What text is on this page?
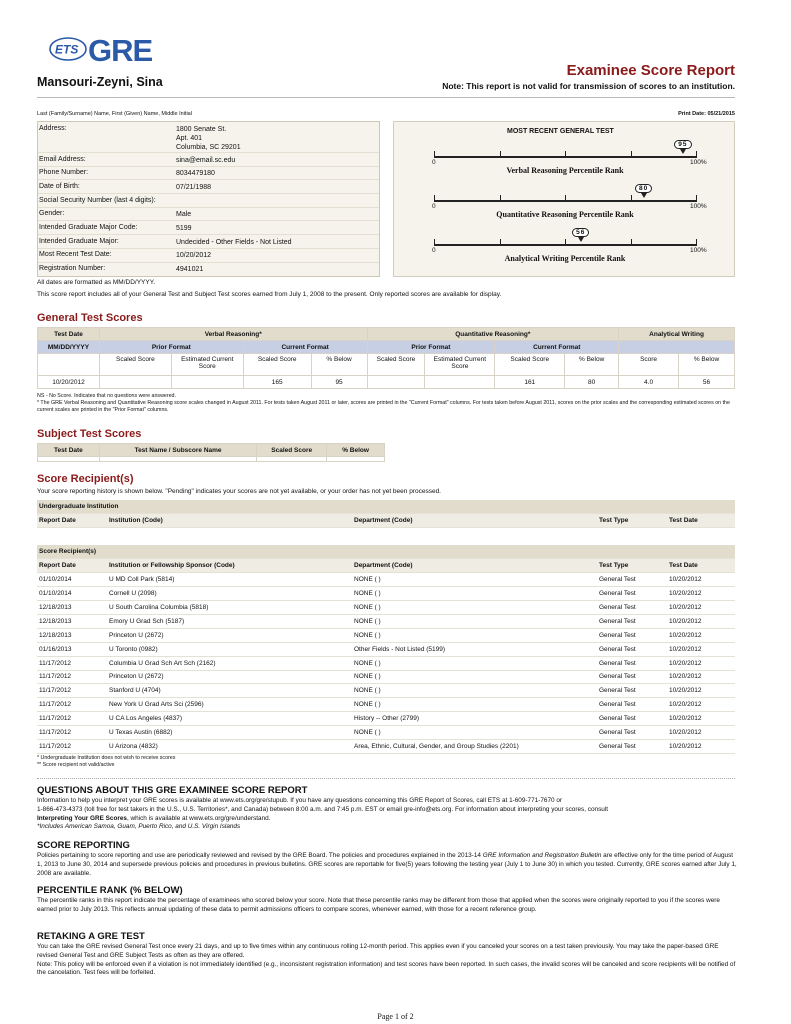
ETS GRE
Mansouri-Zeyni, Sina
Examinee Score Report
Note: This report is not valid for transmission of scores to an institution.
Last (Family/Surname) Name, First (Given) Name, Middle Initial	Print Date: 05/21/2015
Address:	1800 Senate St.
Apt. 401
Columbia, SC 29201
Email Address:	sina@email.sc.edu
Phone Number:	8034479180
Date of Birth:	07/21/1988
Social Security Number (last 4 digits):
Gender:	Male
Intended Graduate Major Code:	5199
Intended Graduate Major:	Undecided - Other Fields - Not Listed
Most Recent Test Date:	10/20/2012
Registration Number:	4941021
MOST RECENT GENERAL TEST
0	100%
Verbal Reasoning Percentile Rank
95
0	100%
Quantitative Reasoning Percentile Rank
80
0	100%
Analytical Writing Percentile Rank
56
All dates are formatted as MM/DD/YYYY.
This score report includes all of your General Test and Subject Test scores earned from July 1, 2008 to the present. Only reported scores are available for display.
General Test Scores
Test Date	Verbal Reasoning*				Quantitative Reasoning*				Analytical Writing	
MM/DD/YYYY	Prior Format		Current Format		Prior Format		Current Format			
	Scaled Score	Estimated Current Score	Scaled Score	% Below	Scaled Score	Estimated Current Score	Scaled Score	% Below	Score	% Below
10/20/2012			165	95			161	80	4.0	56
NS - No Score. Indicates that no questions were answered.
* The GRE Verbal Reasoning and Quantitative Reasoning score scales changed in August 2011. For tests taken August 2011 or later, scores are printed in the "Current Format" columns. For tests taken before August 2011, scores on the prior scales and the corresponding estimated scores on the current scales are printed in the "Prior Format" columns.
Subject Test Scores
Test Date	Test Name / Subscore Name	Scaled Score	% Below

Score Recipient(s)
Your score reporting history is shown below. "Pending" indicates your scores are not yet available, or your order has not yet been processed.
Undergraduate Institution
Report Date	Institution (Code)	Department (Code)	Test Type	Test Date
Score Recipient(s)				
Report Date	Institution or Fellowship Sponsor (Code)	Department (Code)	Test Type	Test Date
01/10/2014	U MD Coll Park (5814)	NONE ( )	General Test	10/20/2012
01/10/2014	Cornell U (2098)	NONE ( )	General Test	10/20/2012
12/18/2013	U South Carolina Columbia (5818)	NONE ( )	General Test	10/20/2012
12/18/2013	Emory U Grad Sch (5187)	NONE ( )	General Test	10/20/2012
12/18/2013	Princeton U (2672)	NONE ( )	General Test	10/20/2012
01/16/2013	U Toronto (0982)	Other Fields - Not Listed (5199)	General Test	10/20/2012
11/17/2012	Columbia U Grad Sch Art Sch (2162)	NONE ( )	General Test	10/20/2012
11/17/2012	Princeton U (2672)	NONE ( )	General Test	10/20/2012
11/17/2012	Stanford U (4704)	NONE ( )	General Test	10/20/2012
11/17/2012	New York U Grad Arts Sci (2596)	NONE ( )	General Test	10/20/2012
11/17/2012	U CA Los Angeles (4837)	History -- Other (2799)	General Test	10/20/2012
11/17/2012	U Texas Austin (6882)	NONE ( )	General Test	10/20/2012
11/17/2012	U Arizona (4832)	Area, Ethnic, Cultural, Gender, and Group Studies (2201)	General Test	10/20/2012
* Undergraduate Institution does not wish to receive scores
** Score recipient not valid/active
QUESTIONS ABOUT THIS GRE EXAMINEE SCORE REPORT
Information to help you interpret your GRE scores is available at www.ets.org/gre/stupub. If you have any questions concerning this GRE Report of Scores, call ETS at 1-609-771-7670 or
1-866-473-4373 (toll free for test takers in the U.S., U.S. Territories*, and Canada) between 8:00 a.m. and 7:45 p.m. EST or email gre-info@ets.org. For information about interpreting your scores, consult
Interpreting Your GRE Scores, which is available at www.ets.org/gre/understand.
*Includes American Samoa, Guam, Puerto Rico, and U.S. Virgin Islands
SCORE REPORTING
Policies pertaining to score reporting and use are periodically reviewed and revised by the GRE Board. The policies and procedures explained in the 2013-14 GRE Information and Registration Bulletin are effective only for the time period of August 1, 2013 to June 30, 2014 and supersede previous policies and procedures in previous bulletins. GRE scores are reportable for five(5) years following the testing year (July 1 to June 30) in which you tested. Currently, GRE scores earned after July 1, 2008 are available.
PERCENTILE RANK (% BELOW)
The percentile ranks in this report indicate the percentage of examinees who scored below your score. Note that these percentile ranks may be different from those that applied when the scores were originally reported to you if the scores were earned prior to July 2013. This reflects annual updating of these data to permit admissions officers to compare scores, whenever earned, with those for a recent reference group.
RETAKING A GRE TEST
You can take the GRE revised General Test once every 21 days, and up to five times within any continuous rolling 12-month period. This applies even if you canceled your scores on a test taken previously. You may take the paper-based GRE revised General Test and GRE Subject Tests as often as they are offered.
Note: This policy will be enforced even if a violation is not immediately identified (e.g., inconsistent registration information) and test scores have been reported. In such cases, the invalid scores will be canceled and score recipients will be notified of the cancelation. Test fees will be forfeited.
Page 1 of 2
